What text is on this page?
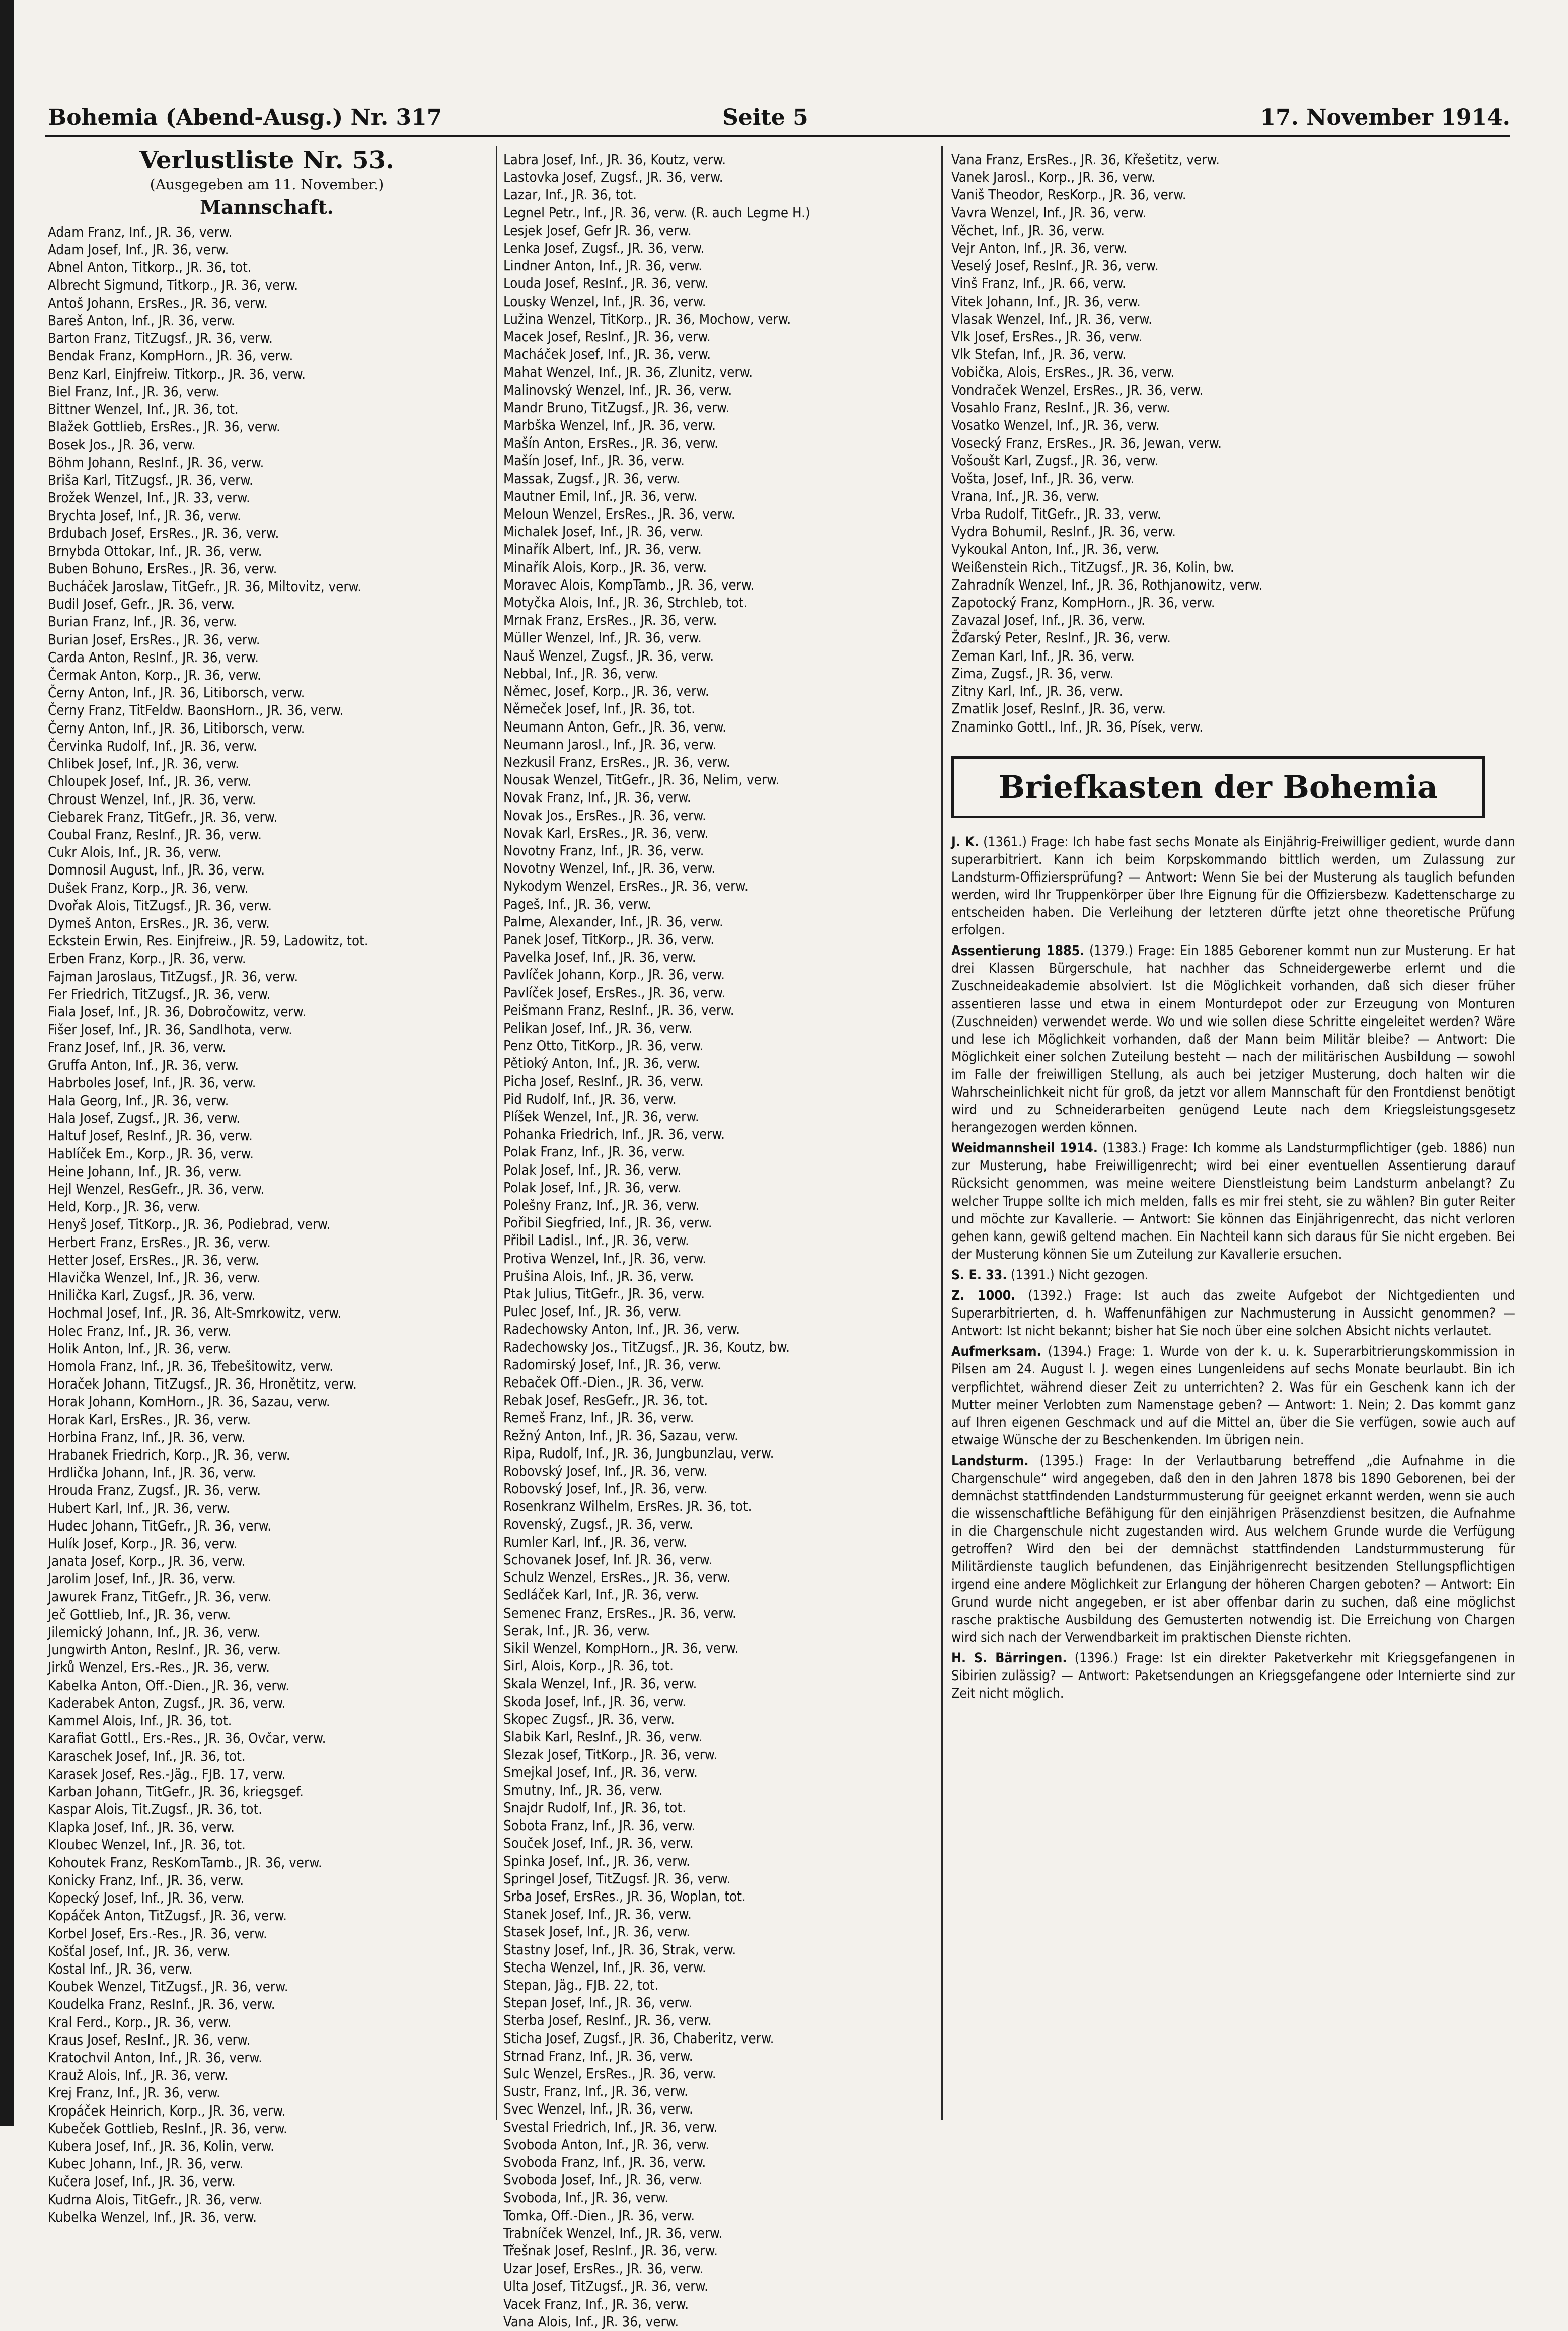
Bohemia (Abend-Ausg.) Nr. 317	Seite 5	17. November 1914.
Verlustliste Nr. 53.
(Ausgegeben am 11. November.)
Mannschaft.
Adam Franz, Inf., JR. 36, verw.
Adam Josef, Inf., JR. 36, verw.
Abnel Anton, Titkorp., JR. 36, tot.
Albrecht Sigmund, Titkorp., JR. 36, verw.
Antoš Johann, ErsRes., JR. 36, verw.
Bareš Anton, Inf., JR. 36, verw.
Barton Franz, TitZugsf., JR. 36, verw.
Bendak Franz, KompHorn., JR. 36, verw.
Benz Karl, Einjfreiw. Titkorp., JR. 36, verw.
Biel Franz, Inf., JR. 36, verw.
Bittner Wenzel, Inf., JR. 36, tot.
Blažek Gottlieb, ErsRes., JR. 36, verw.
Bosek Jos., JR. 36, verw.
Böhm Johann, ResInf., JR. 36, verw.
Briša Karl, TitZugsf., JR. 36, verw.
Brožek Wenzel, Inf., JR. 33, verw.
Brychta Josef, Inf., JR. 36, verw.
Brdubach Josef, ErsRes., JR. 36, verw.
Brnybda Ottokar, Inf., JR. 36, verw.
Buben Bohuno, ErsRes., JR. 36, verw.
Bucháček Jaroslaw, TitGefr., JR. 36, Miltovitz, verw.
Budil Josef, Gefr., JR. 36, verw.
Burian Franz, Inf., JR. 36, verw.
Burian Josef, ErsRes., JR. 36, verw.
Carda Anton, ResInf., JR. 36, verw.
Čermak Anton, Korp., JR. 36, verw.
Černy Anton, Inf., JR. 36, Litiborsch, verw.
Černy Franz, TitFeldw. BaonsHorn., JR. 36, verw.
Černy Anton, Inf., JR. 36, Litiborsch, verw.
Červinka Rudolf, Inf., JR. 36, verw.
Chlibek Josef, Inf., JR. 36, verw.
Chloupek Josef, Inf., JR. 36, verw.
Chroust Wenzel, Inf., JR. 36, verw.
Ciebarek Franz, TitGefr., JR. 36, verw.
Coubal Franz, ResInf., JR. 36, verw.
Cukr Alois, Inf., JR. 36, verw.
Domnosil August, Inf., JR. 36, verw.
Dušek Franz, Korp., JR. 36, verw.
Dvořak Alois, TitZugsf., JR. 36, verw.
Dymeš Anton, ErsRes., JR. 36, verw.
Eckstein Erwin, Res. Einjfreiw., JR. 59, Ladowitz, tot.
Erben Franz, Korp., JR. 36, verw.
Fajman Jaroslaus, TitZugsf., JR. 36, verw.
Fer Friedrich, TitZugsf., JR. 36, verw.
Fiala Josef, Inf., JR. 36, Dobročowitz, verw.
Fišer Josef, Inf., JR. 36, Sandlhota, verw.
Franz Josef, Inf., JR. 36, verw.
Gruffa Anton, Inf., JR. 36, verw.
Habrboles Josef, Inf., JR. 36, verw.
Hala Georg, Inf., JR. 36, verw.
Hala Josef, Zugsf., JR. 36, verw.
Haltuf Josef, ResInf., JR. 36, verw.
Hablíček Em., Korp., JR. 36, verw.
Heine Johann, Inf., JR. 36, verw.
Hejl Wenzel, ResGefr., JR. 36, verw.
Held, Korp., JR. 36, verw.
Henyš Josef, TitKorp., JR. 36, Podiebrad, verw.
Herbert Franz, ErsRes., JR. 36, verw.
Hetter Josef, ErsRes., JR. 36, verw.
Hlavička Wenzel, Inf., JR. 36, verw.
Hnilička Karl, Zugsf., JR. 36, verw.
Hochmal Josef, Inf., JR. 36, Alt-Smrkowitz, verw.
Holec Franz, Inf., JR. 36, verw.
Holik Anton, Inf., JR. 36, verw.
Homola Franz, Inf., JR. 36, Třebešitowitz, verw.
Horaček Johann, TitZugsf., JR. 36, Hronětitz, verw.
Horak Johann, KomHorn., JR. 36, Sazau, verw.
Horak Karl, ErsRes., JR. 36, verw.
Horbina Franz, Inf., JR. 36, verw.
Hrabanek Friedrich, Korp., JR. 36, verw.
Hrdlička Johann, Inf., JR. 36, verw.
Hrouda Franz, Zugsf., JR. 36, verw.
Hubert Karl, Inf., JR. 36, verw.
Hudec Johann, TitGefr., JR. 36, verw.
Hulík Josef, Korp., JR. 36, verw.
Janata Josef, Korp., JR. 36, verw.
Jarolim Josef, Inf., JR. 36, verw.
Jawurek Franz, TitGefr., JR. 36, verw.
Ječ Gottlieb, Inf., JR. 36, verw.
Jilemický Johann, Inf., JR. 36, verw.
Jungwirth Anton, ResInf., JR. 36, verw.
Jirků Wenzel, Ers.-Res., JR. 36, verw.
Kabelka Anton, Off.-Dien., JR. 36, verw.
Kaderabek Anton, Zugsf., JR. 36, verw.
Kammel Alois, Inf., JR. 36, tot.
Karafiat Gottl., Ers.-Res., JR. 36, Ovčar, verw.
Karaschek Josef, Inf., JR. 36, tot.
Karasek Josef, Res.-Jäg., FJB. 17, verw.
Karban Johann, TitGefr., JR. 36, kriegsgef.
Kaspar Alois, Tit.Zugsf., JR. 36, tot.
Klapka Josef, Inf., JR. 36, verw.
Kloubec Wenzel, Inf., JR. 36, tot.
Kohoutek Franz, ResKomTamb., JR. 36, verw.
Konicky Franz, Inf., JR. 36, verw.
Kopecký Josef, Inf., JR. 36, verw.
Kopáček Anton, TitZugsf., JR. 36, verw.
Korbel Josef, Ers.-Res., JR. 36, verw.
Košťal Josef, Inf., JR. 36, verw.
Kostal Inf., JR. 36, verw.
Koubek Wenzel, TitZugsf., JR. 36, verw.
Koudelka Franz, ResInf., JR. 36, verw.
Kral Ferd., Korp., JR. 36, verw.
Kraus Josef, ResInf., JR. 36, verw.
Kratochvil Anton, Inf., JR. 36, verw.
Krauž Alois, Inf., JR. 36, verw.
Krej Franz, Inf., JR. 36, verw.
Kropáček Heinrich, Korp., JR. 36, verw.
Kubeček Gottlieb, ResInf., JR. 36, verw.
Kubera Josef, Inf., JR. 36, Kolin, verw.
Kubec Johann, Inf., JR. 36, verw.
Kučera Josef, Inf., JR. 36, verw.
Kudrna Alois, TitGefr., JR. 36, verw.
Kubelka Wenzel, Inf., JR. 36, verw.
Labra Josef, Inf., JR. 36, Koutz, verw.
Lastovka Josef, Zugsf., JR. 36, verw.
Lazar, Inf., JR. 36, tot.
Legnel Petr., Inf., JR. 36, verw. (R. auch Legme H.)
Lesjek Josef, Gefr JR. 36, verw.
Lenka Josef, Zugsf., JR. 36, verw.
Lindner Anton, Inf., JR. 36, verw.
Louda Josef, ResInf., JR. 36, verw.
Lousky Wenzel, Inf., JR. 36, verw.
Lužina Wenzel, TitKorp., JR. 36, Mochow, verw.
Macek Josef, ResInf., JR. 36, verw.
Macháček Josef, Inf., JR. 36, verw.
Mahat Wenzel, Inf., JR. 36, Zlunitz, verw.
Malinovský Wenzel, Inf., JR. 36, verw.
Mandr Bruno, TitZugsf., JR. 36, verw.
Marbška Wenzel, Inf., JR. 36, verw.
Mašín Anton, ErsRes., JR. 36, verw.
Mašín Josef, Inf., JR. 36, verw.
Massak, Zugsf., JR. 36, verw.
Mautner Emil, Inf., JR. 36, verw.
Meloun Wenzel, ErsRes., JR. 36, verw.
Michalek Josef, Inf., JR. 36, verw.
Minařík Albert, Inf., JR. 36, verw.
Minařík Alois, Korp., JR. 36, verw.
Moravec Alois, KompTamb., JR. 36, verw.
Motyčka Alois, Inf., JR. 36, Strchleb, tot.
Mrnak Franz, ErsRes., JR. 36, verw.
Müller Wenzel, Inf., JR. 36, verw.
Nauš Wenzel, Zugsf., JR. 36, verw.
Nebbal, Inf., JR. 36, verw.
Němec, Josef, Korp., JR. 36, verw.
Němeček Josef, Inf., JR. 36, tot.
Neumann Anton, Gefr., JR. 36, verw.
Neumann Jarosl., Inf., JR. 36, verw.
Nezkusil Franz, ErsRes., JR. 36, verw.
Nousak Wenzel, TitGefr., JR. 36, Nelim, verw.
Novak Franz, Inf., JR. 36, verw.
Novak Jos., ErsRes., JR. 36, verw.
Novak Karl, ErsRes., JR. 36, verw.
Novotny Franz, Inf., JR. 36, verw.
Novotny Wenzel, Inf., JR. 36, verw.
Nykodym Wenzel, ErsRes., JR. 36, verw.
Pageš, Inf., JR. 36, verw.
Palme, Alexander, Inf., JR. 36, verw.
Panek Josef, TitKorp., JR. 36, verw.
Pavelka Josef, Inf., JR. 36, verw.
Pavlíček Johann, Korp., JR. 36, verw.
Pavlíček Josef, ErsRes., JR. 36, verw.
Peišmann Franz, ResInf., JR. 36, verw.
Pelikan Josef, Inf., JR. 36, verw.
Penz Otto, TitKorp., JR. 36, verw.
Pětioký Anton, Inf., JR. 36, verw.
Picha Josef, ResInf., JR. 36, verw.
Pid Rudolf, Inf., JR. 36, verw.
Plíšek Wenzel, Inf., JR. 36, verw.
Pohanka Friedrich, Inf., JR. 36, verw.
Polak Franz, Inf., JR. 36, verw.
Polak Josef, Inf., JR. 36, verw.
Polak Josef, Inf., JR. 36, verw.
Polešny Franz, Inf., JR. 36, verw.
Pořibil Siegfried, Inf., JR. 36, verw.
Přibil Ladisl., Inf., JR. 36, verw.
Protiva Wenzel, Inf., JR. 36, verw.
Prušina Alois, Inf., JR. 36, verw.
Ptak Julius, TitGefr., JR. 36, verw.
Pulec Josef, Inf., JR. 36, verw.
Radechowsky Anton, Inf., JR. 36, verw.
Radechowsky Jos., TitZugsf., JR. 36, Koutz, bw.
Radomirský Josef, Inf., JR. 36, verw.
Rebaček Off.-Dien., JR. 36, verw.
Rebak Josef, ResGefr., JR. 36, tot.
Remeš Franz, Inf., JR. 36, verw.
Režný Anton, Inf., JR. 36, Sazau, verw.
Ripa, Rudolf, Inf., JR. 36, Jungbunzlau, verw.
Robovský Josef, Inf., JR. 36, verw.
Robovský Josef, Inf., JR. 36, verw.
Rosenkranz Wilhelm, ErsRes. JR. 36, tot.
Rovenský, Zugsf., JR. 36, verw.
Rumler Karl, Inf., JR. 36, verw.
Schovanek Josef, Inf. JR. 36, verw.
Schulz Wenzel, ErsRes., JR. 36, verw.
Sedláček Karl, Inf., JR. 36, verw.
Semenec Franz, ErsRes., JR. 36, verw.
Serak, Inf., JR. 36, verw.
Sikil Wenzel, KompHorn., JR. 36, verw.
Sirl, Alois, Korp., JR. 36, tot.
Skala Wenzel, Inf., JR. 36, verw.
Skoda Josef, Inf., JR. 36, verw.
Skopec Zugsf., JR. 36, verw.
Slabik Karl, ResInf., JR. 36, verw.
Slezak Josef, TitKorp., JR. 36, verw.
Smejkal Josef, Inf., JR. 36, verw.
Smutny, Inf., JR. 36, verw.
Snajdr Rudolf, Inf., JR. 36, tot.
Sobota Franz, Inf., JR. 36, verw.
Souček Josef, Inf., JR. 36, verw.
Spinka Josef, Inf., JR. 36, verw.
Springel Josef, TitZugsf. JR. 36, verw.
Srba Josef, ErsRes., JR. 36, Woplan, tot.
Stanek Josef, Inf., JR. 36, verw.
Stasek Josef, Inf., JR. 36, verw.
Stastny Josef, Inf., JR. 36, Strak, verw.
Stecha Wenzel, Inf., JR. 36, verw.
Stepan, Jäg., FJB. 22, tot.
Stepan Josef, Inf., JR. 36, verw.
Sterba Josef, ResInf., JR. 36, verw.
Sticha Josef, Zugsf., JR. 36, Chaberitz, verw.
Strnad Franz, Inf., JR. 36, verw.
Sulc Wenzel, ErsRes., JR. 36, verw.
Sustr, Franz, Inf., JR. 36, verw.
Svec Wenzel, Inf., JR. 36, verw.
Svestal Friedrich, Inf., JR. 36, verw.
Svoboda Anton, Inf., JR. 36, verw.
Svoboda Franz, Inf., JR. 36, verw.
Svoboda Josef, Inf., JR. 36, verw.
Svoboda, Inf., JR. 36, verw.
Tomka, Off.-Dien., JR. 36, verw.
Trabníček Wenzel, Inf., JR. 36, verw.
Třešnak Josef, ResInf., JR. 36, verw.
Uzar Josef, ErsRes., JR. 36, verw.
Ulta Josef, TitZugsf., JR. 36, verw.
Vacek Franz, Inf., JR. 36, verw.
Vana Alois, Inf., JR. 36, verw.
Vana Franz, ErsRes., JR. 36, Křešetitz, verw.
Vanek Jarosl., Korp., JR. 36, verw.
Vaniš Theodor, ResKorp., JR. 36, verw.
Vavra Wenzel, Inf., JR. 36, verw.
Věchet, Inf., JR. 36, verw.
Vejr Anton, Inf., JR. 36, verw.
Veselý Josef, ResInf., JR. 36, verw.
Vinš Franz, Inf., JR. 66, verw.
Vitek Johann, Inf., JR. 36, verw.
Vlasak Wenzel, Inf., JR. 36, verw.
Vlk Josef, ErsRes., JR. 36, verw.
Vlk Stefan, Inf., JR. 36, verw.
Vobička, Alois, ErsRes., JR. 36, verw.
Vondraček Wenzel, ErsRes., JR. 36, verw.
Vosahlo Franz, ResInf., JR. 36, verw.
Vosatko Wenzel, Inf., JR. 36, verw.
Vosecký Franz, ErsRes., JR. 36, Jewan, verw.
Vošoušt Karl, Zugsf., JR. 36, verw.
Vošta, Josef, Inf., JR. 36, verw.
Vrana, Inf., JR. 36, verw.
Vrba Rudolf, TitGefr., JR. 33, verw.
Vydra Bohumil, ResInf., JR. 36, verw.
Vykoukal Anton, Inf., JR. 36, verw.
Weißenstein Rich., TitZugsf., JR. 36, Kolin, bw.
Zahradník Wenzel, Inf., JR. 36, Rothjanowitz, verw.
Zapotocký Franz, KompHorn., JR. 36, verw.
Zavazal Josef, Inf., JR. 36, verw.
Žďarský Peter, ResInf., JR. 36, verw.
Zeman Karl, Inf., JR. 36, verw.
Zima, Zugsf., JR. 36, verw.
Zitny Karl, Inf., JR. 36, verw.
Zmatlik Josef, ResInf., JR. 36, verw.
Znaminko Gottl., Inf., JR. 36, Písek, verw.
Briefkasten der Bohemia

J. K. (1361.) Frage: Ich habe fast sechs Monate als Einjährig-Freiwilliger gedient, wurde dann superarbitriert. Kann ich beim Korpskommando bittlich werden, um Zulassung zur Landsturm-Offiziersprüfung? — Antwort: Wenn Sie bei der Musterung als tauglich befunden werden, wird Ihr Truppenkörper über Ihre Eignung für die Offiziersbezw. Kadettenscharge zu entscheiden haben. Die Verleihung der letzteren dürfte jetzt ohne theoretische Prüfung erfolgen.

Assentierung 1885. (1379.) Frage: Ein 1885 Geborener kommt nun zur Musterung. Er hat drei Klassen Bürgerschule, hat nachher das Schneidergewerbe erlernt und die Zuschneideakademie absolviert. Ist die Möglichkeit vorhanden, daß sich dieser früher assentieren lasse und etwa in einem Monturdepot oder zur Erzeugung von Monturen (Zuschneiden) verwendet werde. Wo und wie sollen diese Schritte eingeleitet werden? Wäre und lese ich Möglichkeit vorhanden, daß der Mann beim Militär bleibe? — Antwort: Die Möglichkeit einer solchen Zuteilung besteht — nach der militärischen Ausbildung — sowohl im Falle der freiwilligen Stellung, als auch bei jetziger Musterung, doch halten wir die Wahrscheinlichkeit nicht für groß, da jetzt vor allem Mannschaft für den Frontdienst benötigt wird und zu Schneiderarbeiten genügend Leute nach dem Kriegsleistungsgesetz herangezogen werden können.

Weidmannsheil 1914. (1383.) Frage: Ich komme als Landsturmpflichtiger (geb. 1886) nun zur Musterung, habe Freiwilligenrecht; wird bei einer eventuellen Assentierung darauf Rücksicht genommen, was meine weitere Dienstleistung beim Landsturm anbelangt? Zu welcher Truppe sollte ich mich melden, falls es mir frei steht, sie zu wählen? Bin guter Reiter und möchte zur Kavallerie. — Antwort: Sie können das Einjährigenrecht, das nicht verloren gehen kann, gewiß geltend machen. Ein Nachteil kann sich daraus für Sie nicht ergeben. Bei der Musterung können Sie um Zuteilung zur Kavallerie ersuchen.

S. E. 33. (1391.) Nicht gezogen.

Z. 1000. (1392.) Frage: Ist auch das zweite Aufgebot der Nichtgedienten und Superarbitrierten, d. h. Waffenunfähigen zur Nachmusterung in Aussicht genommen? — Antwort: Ist nicht bekannt; bisher hat Sie noch über eine solchen Absicht nichts verlautet.

Aufmerksam. (1394.) Frage: 1. Wurde von der k. u. k. Superarbitrierungskommission in Pilsen am 24. August l. J. wegen eines Lungenleidens auf sechs Monate beurlaubt. Bin ich verpflichtet, während dieser Zeit zu unterrichten? 2. Was für ein Geschenk kann ich der Mutter meiner Verlobten zum Namenstage geben? — Antwort: 1. Nein; 2. Das kommt ganz auf Ihren eigenen Geschmack und auf die Mittel an, über die Sie verfügen, sowie auch auf etwaige Wünsche der zu Beschenkenden. Im übrigen nein.

Landsturm. (1395.) Frage: In der Verlautbarung betreffend „die Aufnahme in die Chargenschule“ wird angegeben, daß den in den Jahren 1878 bis 1890 Geborenen, bei der demnächst stattfindenden Landsturmmusterung für geeignet erkannt werden, wenn sie auch die wissenschaftliche Befähigung für den einjährigen Präsenzdienst besitzen, die Aufnahme in die Chargenschule nicht zugestanden wird. Aus welchem Grunde wurde die Verfügung getroffen? Wird den bei der demnächst stattfindenden Landsturmmusterung für Militärdienste tauglich befundenen, das Einjährigenrecht besitzenden Stellungspflichtigen irgend eine andere Möglichkeit zur Erlangung der höheren Chargen geboten? — Antwort: Ein Grund wurde nicht angegeben, er ist aber offenbar darin zu suchen, daß eine möglichst rasche praktische Ausbildung des Gemusterten notwendig ist. Die Erreichung von Chargen wird sich nach der Verwendbarkeit im praktischen Dienste richten.

H. S. Bärringen. (1396.) Frage: Ist ein direkter Paketverkehr mit Kriegsgefangenen in Sibirien zulässig? — Antwort: Paketsendungen an Kriegsgefangene oder Internierte sind zur Zeit nicht möglich.
